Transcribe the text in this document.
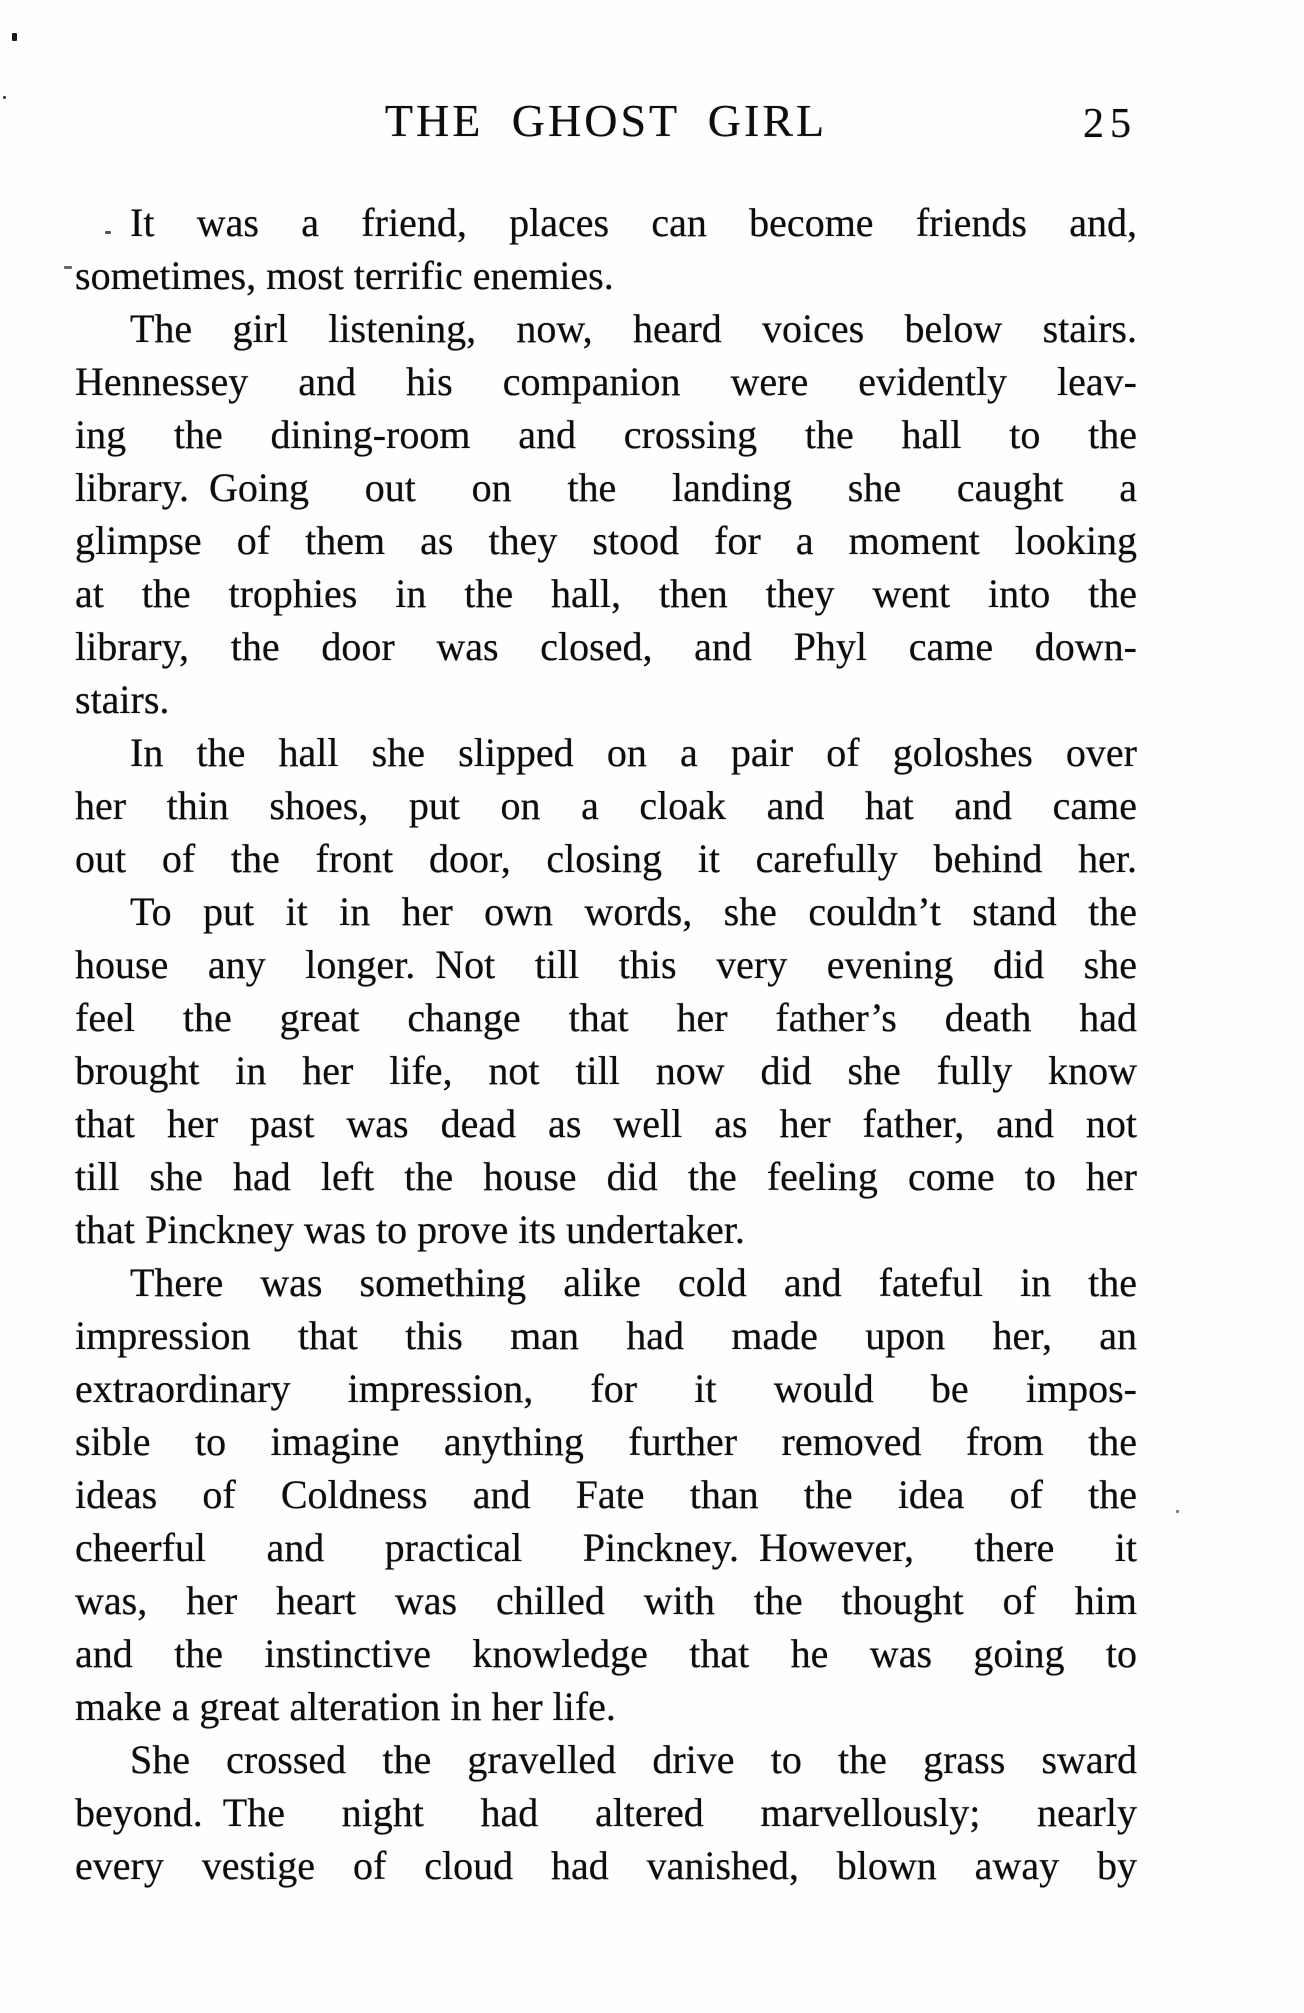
THE GHOST GIRL	25

It was a friend, places can become friends and,
sometimes, most terrific enemies.

The girl listening, now, heard voices below stairs.
Hennessey and his companion were evidently leav-
ing the dining-room and crossing the hall to the
library. Going out on the landing she caught a
glimpse of them as they stood for a moment looking
at the trophies in the hall, then they went into the
library, the door was closed, and Phyl came down-
stairs.

In the hall she slipped on a pair of goloshes over
her thin shoes, put on a cloak and hat and came
out of the front door, closing it carefully behind her.

To put it in her own words, she couldn’t stand the
house any longer. Not till this very evening did she
feel the great change that her father’s death had
brought in her life, not till now did she fully know
that her past was dead as well as her father, and not
till she had left the house did the feeling come to her
that Pinckney was to prove its undertaker.

There was something alike cold and fateful in the
impression that this man had made upon her, an
extraordinary impression, for it would be impos-
sible to imagine anything further removed from the
ideas of Coldness and Fate than the idea of the
cheerful and practical Pinckney. However, there it
was, her heart was chilled with the thought of him
and the instinctive knowledge that he was going to
make a great alteration in her life.

She crossed the gravelled drive to the grass sward
beyond. The night had altered marvellously; nearly
every vestige of cloud had vanished, blown away by
